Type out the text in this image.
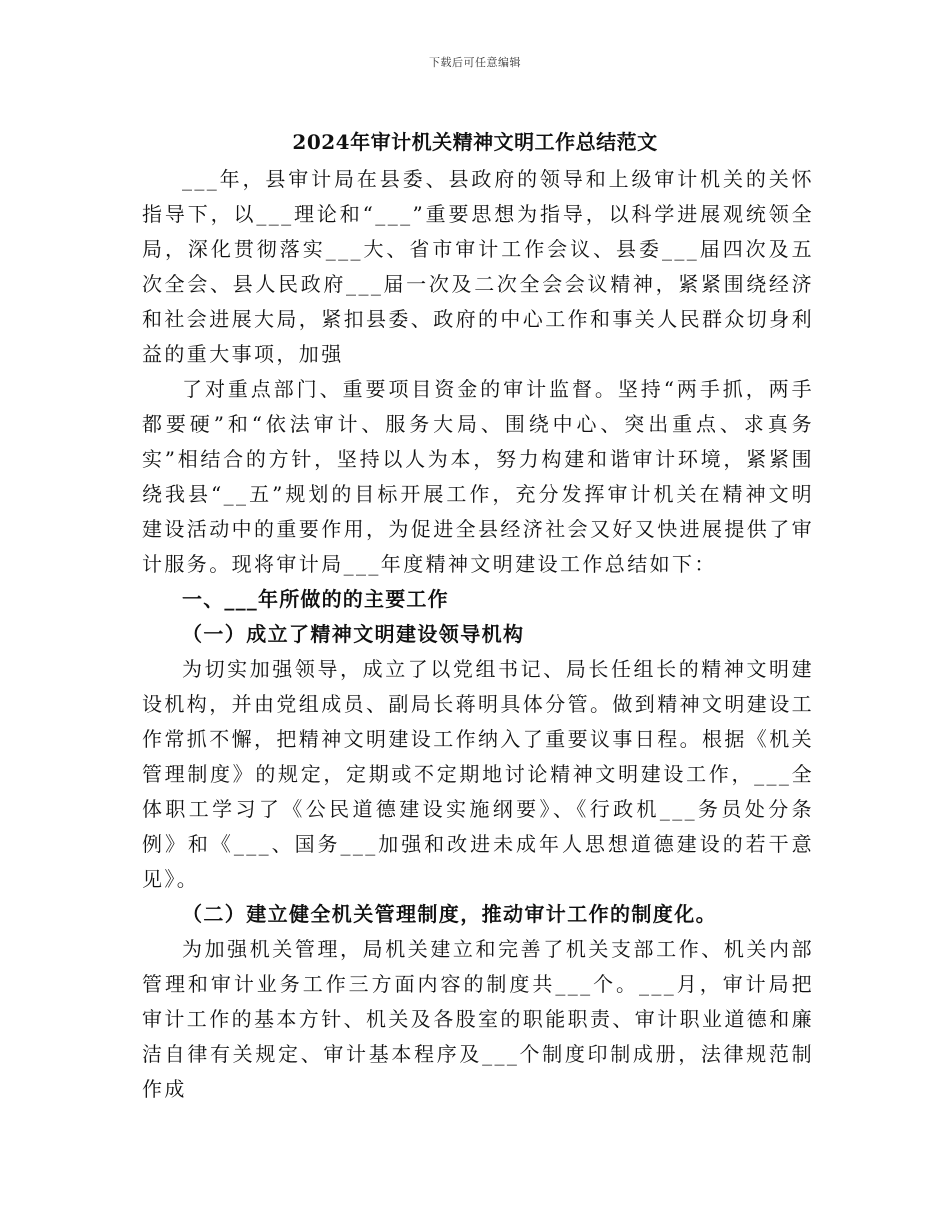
下载后可任意编辑
2024年审计机关精神文明工作总结范文

___年，县审计局在县委、县政府的领导和上级审计机关的关怀指导下，以___理论和“___”重要思想为指导，以科学进展观统领全局，深化贯彻落实___大、省市审计工作会议、县委___届四次及五次全会、县人民政府___届一次及二次全会会议精神，紧紧围绕经济和社会进展大局，紧扣县委、政府的中心工作和事关人民群众切身利益的重大事项，加强

了对重点部门、重要项目资金的审计监督。坚持“两手抓，两手都要硬”和“依法审计、服务大局、围绕中心、突出重点、求真务实”相结合的方针，坚持以人为本，努力构建和谐审计环境，紧紧围绕我县“__五”规划的目标开展工作，充分发挥审计机关在精神文明建设活动中的重要作用，为促进全县经济社会又好又快进展提供了审计服务。现将审计局___年度精神文明建设工作总结如下：

一、___年所做的的主要工作

（一）成立了精神文明建设领导机构

为切实加强领导，成立了以党组书记、局长任组长的精神文明建设机构，并由党组成员、副局长蒋明具体分管。做到精神文明建设工作常抓不懈，把精神文明建设工作纳入了重要议事日程。根据《机关管理制度》的规定，定期或不定期地讨论精神文明建设工作，___全体职工学习了《公民道德建设实施纲要》、《行政机___务员处分条例》和《___、国务___加强和改进未成年人思想道德建设的若干意见》。

（二）建立健全机关管理制度，推动审计工作的制度化。

为加强机关管理，局机关建立和完善了机关支部工作、机关内部管理和审计业务工作三方面内容的制度共___个。___月，审计局把审计工作的基本方针、机关及各股室的职能职责、审计职业道德和廉洁自律有关规定、审计基本程序及___个制度印制成册，法律规范制作成
